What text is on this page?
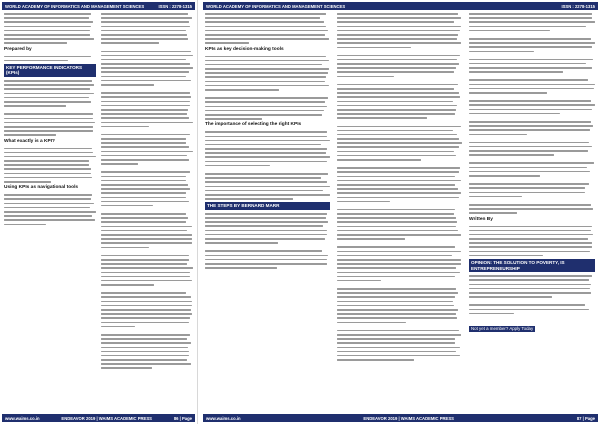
WORLD ACADEMY OF INFORMATICS AND MANAGEMENT SCIENCES	ISSN : 2278-1315
Prepared by
KEY PERFORMANCE INDICATORS (KPIs)
What exactly is a KPI?
Using KPIs as navigational tools
www.waims.co.in	ENDEAVOR 2019 | WAIMS ACADEMIC PRESS	86 | Page
WORLD ACADEMY OF INFORMATICS AND MANAGEMENT SCIENCES	ISSN : 2278-1315
KPIs as key decision-making tools
The importance of selecting the right KPIs
THE STEPS BY BERNARD MARR
Written By
OPINION: THE SOLUTION TO POVERTY, IS ENTREPRENEURSHIP
Not yet a member? Apply Today
www.waims.co.in	ENDEAVOR 2019 | WAIMS ACADEMIC PRESS	87 | Page
